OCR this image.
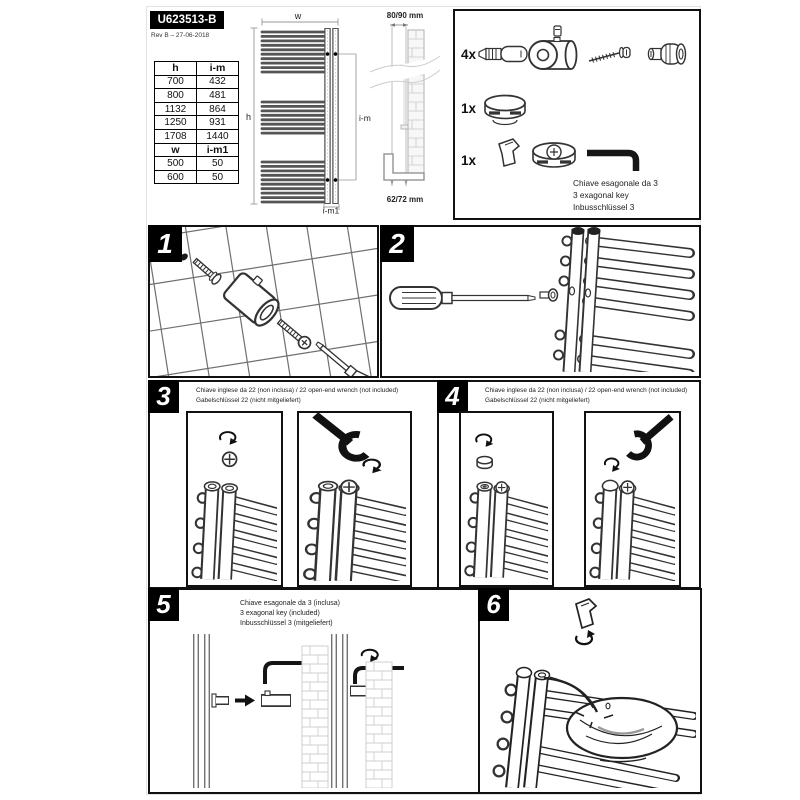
U623513-B
Rev B – 27-06-2018
h	i-m
700	432
800	481
1132	864
1250	931
1708	1440
w	i-m1
500	50
600	50
w
h	i-m
i-m1
80/90 mm
62/72 mm
4x
1x
1x
Chiave esagonale da 3
3 exagonal key
Inbusschlüssel 3
1	2
3	Chiave inglese da 22 (non inclusa) / 22 open-end wrench (not included)
Gabelschlüssel 22 (nicht mitgeliefert)	4	Chiave inglese da 22 (non inclusa) / 22 open-end wrench (not included)
Gabelschlüssel 22 (nicht mitgeliefert)
5	Chiave esagonale da 3 (inclusa)
3 exagonal key (included)
Inbusschlüssel 3 (mitgeliefert)
6
